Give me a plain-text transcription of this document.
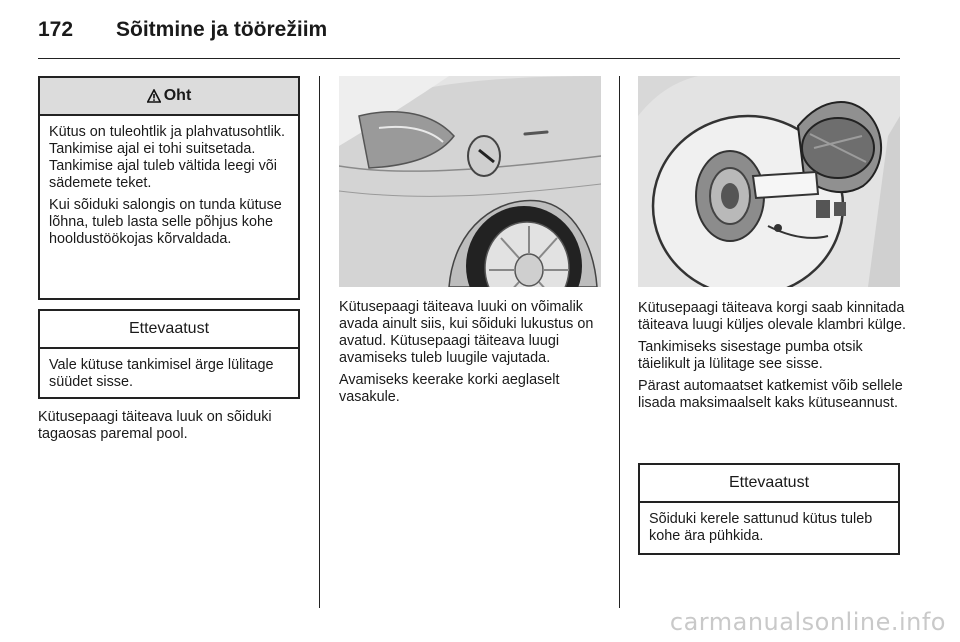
172 Sõitmine ja töörežiim
Oht

Kütus on tuleohtlik ja plahvatusohtlik. Tankimise ajal ei tohi suitsetada. Tankimise ajal tuleb vältida leegi või sädemete teket.

Kui sõiduki salongis on tunda kütuse lõhna, tuleb lasta selle põhjus kohe hooldustöökojas kõrvaldada.

Ettevaatust

Vale kütuse tankimisel ärge lülitage süüdet sisse.

Kütusepaagi täiteava luuk on sõiduki tagaosas paremal pool.

Kütusepaagi täiteava luuki on võimalik avada ainult siis, kui sõiduki lukustus on avatud. Kütusepaagi täiteava luugi avamiseks tuleb luugile vajutada.

Avamiseks keerake korki aeglaselt vasakule.

Kütusepaagi täiteava korgi saab kinnitada täiteava luugi küljes olevale klambri külge.

Tankimiseks sisestage pumba otsik täielikult ja lülitage see sisse.

Pärast automaatset katkemist võib sellele lisada maksimaalselt kaks kütuseannust.

Ettevaatust

Sõiduki kerele sattunud kütus tuleb kohe ära pühkida.

carmanualsonline.info
